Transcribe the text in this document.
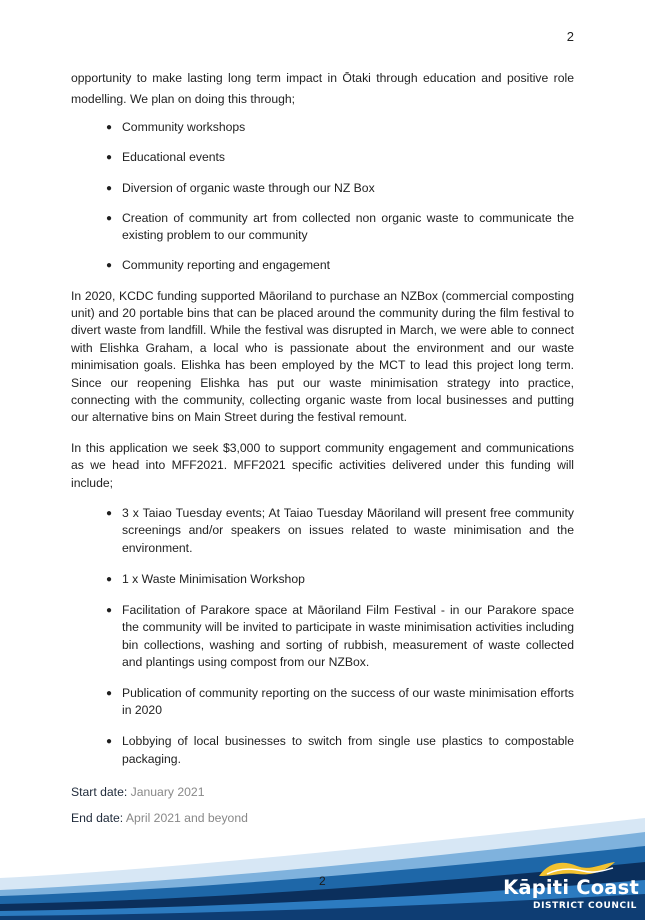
2

opportunity to make lasting long term impact in Ōtaki through education and positive role modelling. We plan on doing this through;

● Community workshops
● Educational events
● Diversion of organic waste through our NZ Box
● Creation of community art from collected non organic waste to communicate the existing problem to our community
● Community reporting and engagement

In 2020, KCDC funding supported Māoriland to purchase an NZBox (commercial composting unit) and 20 portable bins that can be placed around the community during the film festival to divert waste from landfill. While the festival was disrupted in March, we were able to connect with Elishka Graham, a local who is passionate about the environment and our waste minimisation goals. Elishka has been employed by the MCT to lead this project long term. Since our reopening Elishka has put our waste minimisation strategy into practice, connecting with the community, collecting organic waste from local businesses and putting our alternative bins on Main Street during the festival remount.

In this application we seek $3,000 to support community engagement and communications as we head into MFF2021. MFF2021 specific activities delivered under this funding will include;

● 3 x Taiao Tuesday events; At Taiao Tuesday Māoriland will present free community screenings and/or speakers on issues related to waste minimisation and the environment.
● 1 x Waste Minimisation Workshop
● Facilitation of Parakore space at Māoriland Film Festival - in our Parakore space the community will be invited to participate in waste minimisation activities including bin collections, washing and sorting of rubbish, measurement of waste collected and plantings using compost from our NZBox.
● Publication of community reporting on the success of our waste minimisation efforts in 2020
● Lobbying of local businesses to switch from single use plastics to compostable packaging.
Start date: January 2021
End date: April 2021 and beyond
2	Kāpiti Coast
DISTRICT COUNCIL
